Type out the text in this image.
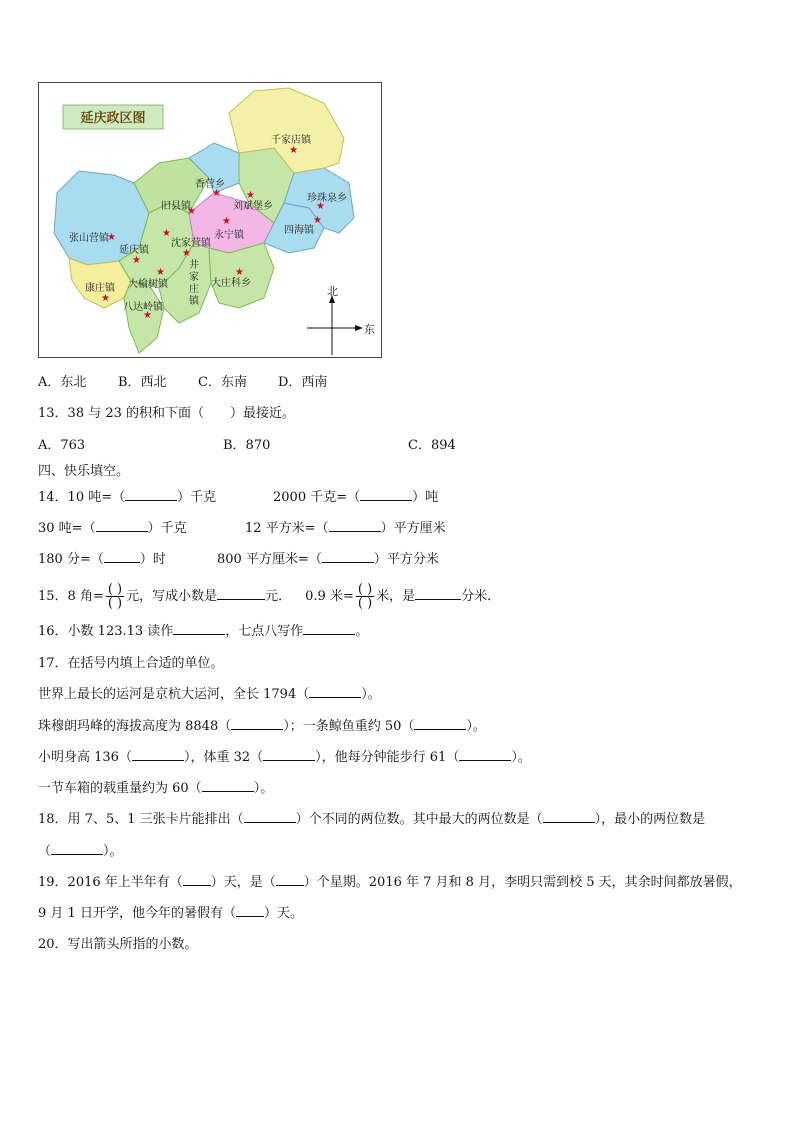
延庆政区图
★
千家店镇
★
香营乡
★
刘斌堡乡	★
珍珠泉乡
★
旧县镇
★
四海镇
★
永宁镇
★
张山营镇
★
延庆镇
★
沈家营镇
★
井
家
庄
镇
★
大庄科乡
★
大榆树镇
★
康庄镇
★
八达岭镇
北
东
A．东北 B．西北 C．东南 D．西南
13．38 与 23 的积和下面（　　）最接近。
A．763	B．870	C．894
四、快乐填空。
14．10 吨=（	）千克	2000 千克=（	）吨
30 吨=（	）千克	12 平方米=（	）平方厘米
180 分=（	）时	800 平方厘米=（	）平方分米
15．8 角= $\frac{( )}{( )}$ 元，写成小数是	元． 0.9 米= $\frac{( )}{( )}$ 米，是	分米．
16．小数 123.13 读作	，七点八写作	。
17．在括号内填上合适的单位。
世界上最长的运河是京杭大运河，全长 1794（	）。
珠穆朗玛峰的海拔高度为 8848（	）；一条鲸鱼重约 50（	）。
小明身高 136（	），体重 32（	），他每分钟能步行 61（	）。
一节车箱的载重量约为 60（	）。
18．用 7、5、1 三张卡片能排出（	）个不同的两位数。其中最大的两位数是（	），最小的两位数是
（	）。
19．2016 年上半年有（ ）天，是（ ）个星期。2016 年 7 月和 8 月，李明只需到校 5 天，其余时间都放暑假，
9 月 1 日开学，他今年的暑假有（ ）天。
20．写出箭头所指的小数。
